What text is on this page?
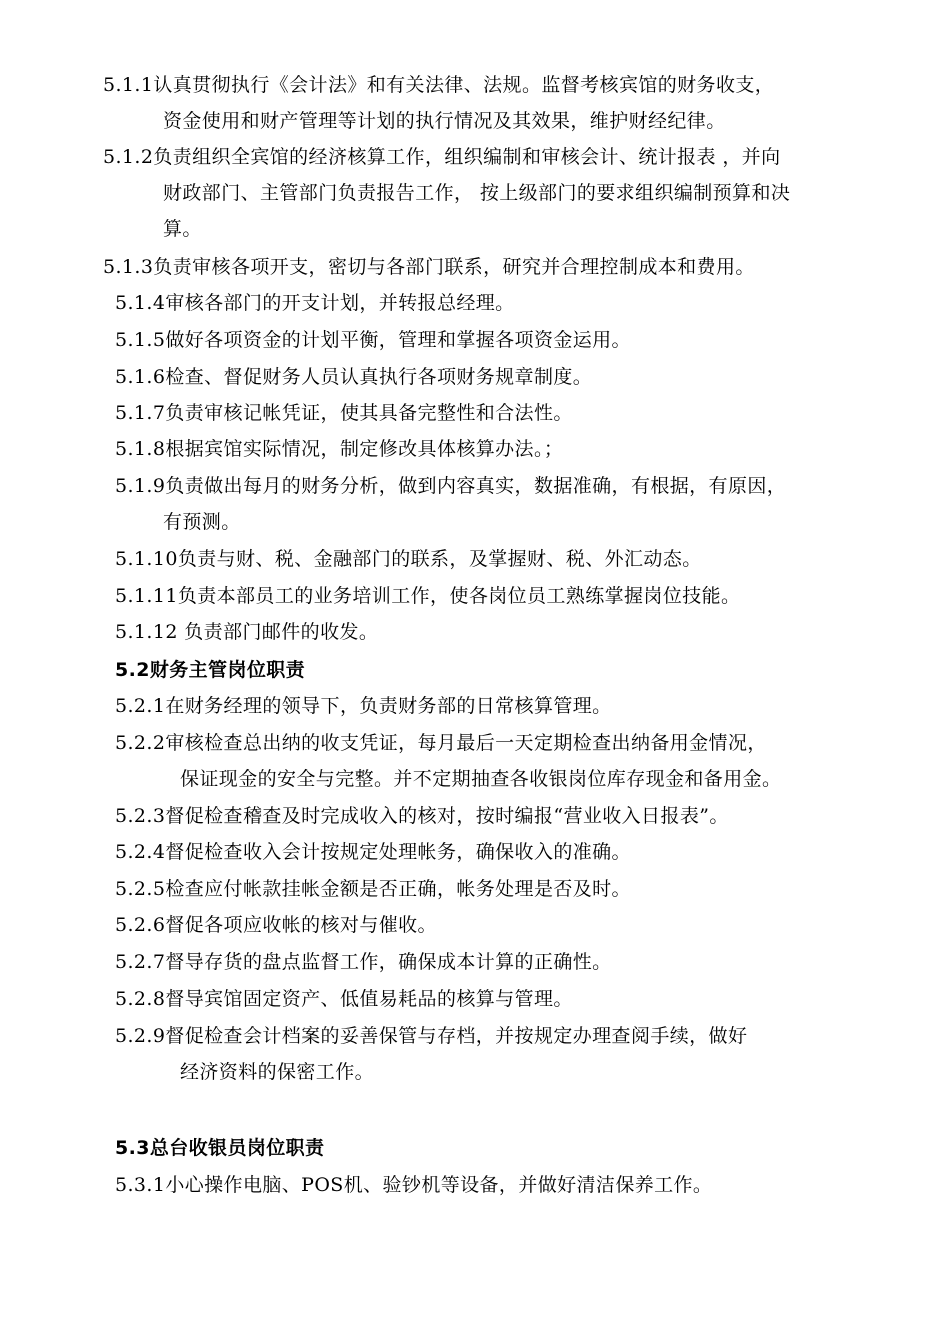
5.1.1认真贯彻执行《会计法》和有关法律、法规。监督考核宾馆的财务收支，
资金使用和财产管理等计划的执行情况及其效果，维护财经纪律。
5.1.2负责组织全宾馆的经济核算工作，组织编制和审核会计、统计报表 ，并向
财政部门、主管部门负责报告工作， 按上级部门的要求组织编制预算和决
算。
5.1.3负责审核各项开支，密切与各部门联系，研究并合理控制成本和费用。
5.1.4审核各部门的开支计划，并转报总经理。
5.1.5做好各项资金的计划平衡，管理和掌握各项资金运用。
5.1.6检查、督促财务人员认真执行各项财务规章制度。
5.1.7负责审核记帐凭证，使其具备完整性和合法性。
5.1.8根据宾馆实际情况，制定修改具体核算办法。；
5.1.9负责做出每月的财务分析，做到内容真实，数据准确，有根据，有原因，
有预测。
5.1.10负责与财、税、金融部门的联系，及掌握财、税、外汇动态。
5.1.11负责本部员工的业务培训工作，使各岗位员工熟练掌握岗位技能。
5.1.12 负责部门邮件的收发。
5.2财务主管岗位职责
5.2.1在财务经理的领导下，负责财务部的日常核算管理。
5.2.2审核检查总出纳的收支凭证，每月最后一天定期检查出纳备用金情况，
保证现金的安全与完整。并不定期抽查各收银岗位库存现金和备用金。
5.2.3督促检查稽查及时完成收入的核对，按时编报“营业收入日报表”。
5.2.4督促检查收入会计按规定处理帐务，确保收入的准确。
5.2.5检查应付帐款挂帐金额是否正确，帐务处理是否及时。
5.2.6督促各项应收帐的核对与催收。
5.2.7督导存货的盘点监督工作，确保成本计算的正确性。
5.2.8督导宾馆固定资产、低值易耗品的核算与管理。
5.2.9督促检查会计档案的妥善保管与存档，并按规定办理查阅手续，做好
经济资料的保密工作。
5.3总台收银员岗位职责
5.3.1小心操作电脑、POS机、验钞机等设备，并做好清洁保养工作。
